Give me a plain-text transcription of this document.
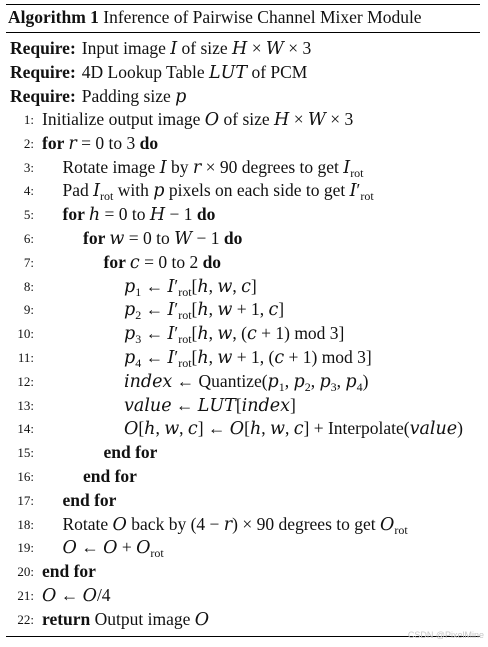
Algorithm 1 Inference of Pairwise Channel Mixer Module
Require: Input image 𝐼 of size 𝐻 × 𝑊 × 3
Require: 4D Lookup Table 𝐿𝑈𝑇 of PCM
Require: Padding size 𝑝
1: Initialize output image 𝑂 of size 𝐻 × 𝑊 × 3
2: for 𝑟 = 0 to 3 do
3: Rotate image 𝐼 by 𝑟 × 90 degrees to get 𝐼$_{rot}$
4: Pad 𝐼$_{rot}$ with 𝑝 pixels on each side to get $𝐼'_{rot}$
5: for ℎ = 0 to 𝐻 − 1 do
6:	for 𝑤 = 0 to 𝑊 − 1 do
7:	for 𝑐 = 0 to 2 do
8:	𝑝$_1$ ← $𝐼'_{rot}[ℎ$, 𝑤, 𝑐]
9:	𝑝$_2$ ← $𝐼'_{rot}[ℎ$, 𝑤 + 1, 𝑐]
10:	𝑝$_3$ ← $𝐼'_{rot}[ℎ$, 𝑤, (𝑐 + 1) mod 3]
11:	𝑝$_4$ ← $𝐼'_{rot}[ℎ$, 𝑤 + 1, (𝑐 + 1) mod 3]
12:	𝑖𝑛𝑑𝑒𝑥 ← Quantize(𝑝$_1$, 𝑝$_2$, 𝑝$_3$, 𝑝$_4$)
13:	𝑣𝑎𝑙𝑢𝑒 ← 𝐿𝑈𝑇[𝑖𝑛𝑑𝑒𝑥]
14:	𝑂[ℎ, 𝑤, 𝑐] ← 𝑂[ℎ, 𝑤, 𝑐] + Interpolate(𝑣𝑎𝑙𝑢𝑒)
15:	end for
16:	end for
17: end for
18: Rotate 𝑂 back by (4 − 𝑟) × 90 degrees to get 𝑂$_{rot}$
19: 𝑂 ← 𝑂 + 𝑂$_{rot}$
20: end for
21: 𝑂 ← 𝑂/4
22: return Output image 𝑂
CSDN @PixelMine
